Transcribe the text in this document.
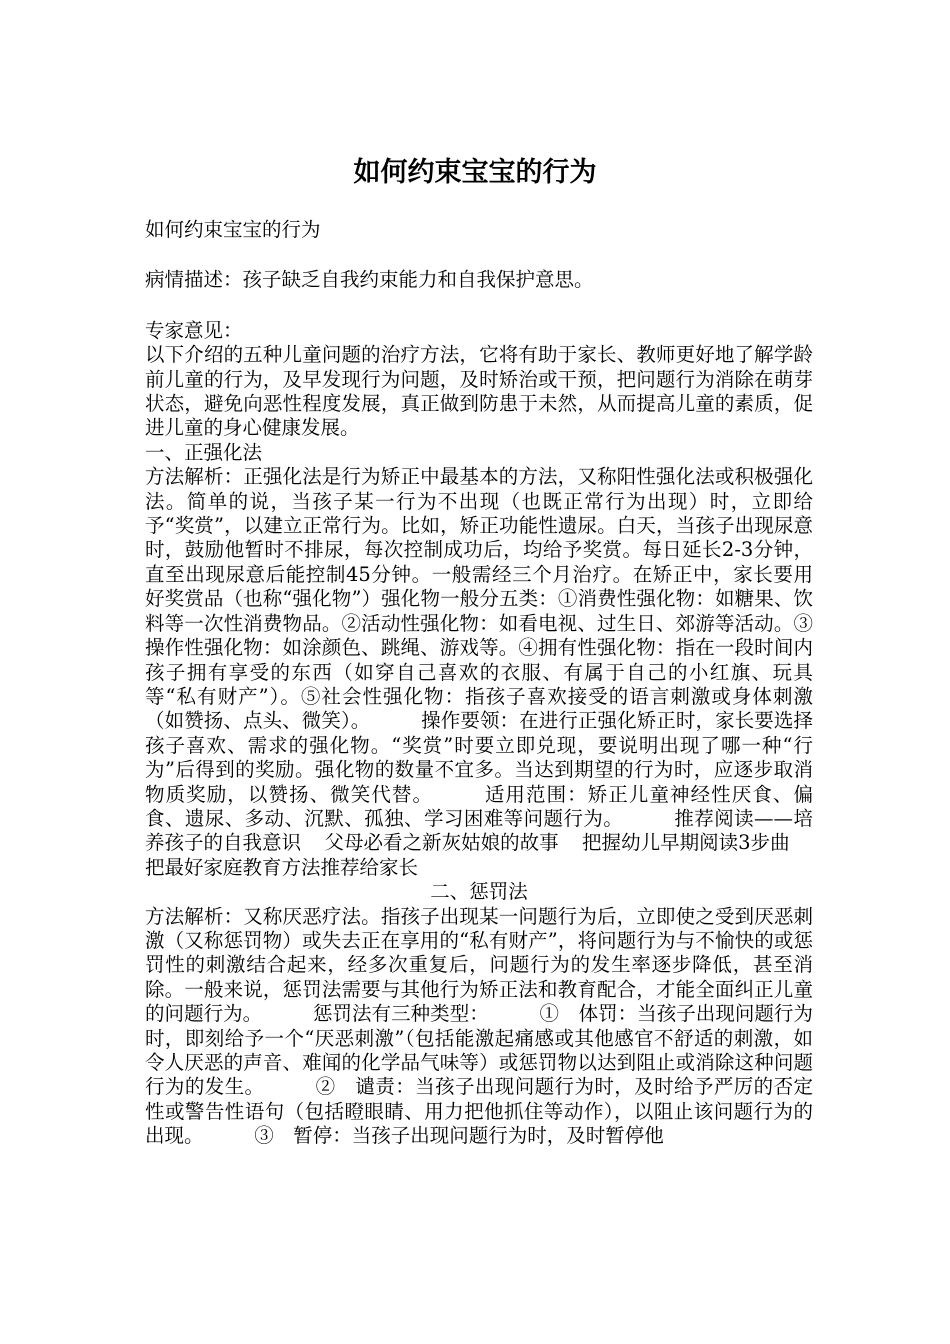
如何约束宝宝的行为

如何约束宝宝的行为

病情描述：孩子缺乏自我约束能力和自我保护意思。

专家意见：

以下介绍的五种儿童问题的治疗方法，它将有助于家长、教师更好地了解学龄前儿童的行为，及早发现行为问题，及时矫治或干预，把问题行为消除在萌芽状态，避免向恶性程度发展，真正做到防患于未然，从而提高儿童的素质，促进儿童的身心健康发展。

一、正强化法

方法解析：正强化法是行为矫正中最基本的方法，又称阳性强化法或积极强化法。简单的说，当孩子某一行为不出现（也既正常行为出现）时，立即给予“奖赏”，以建立正常行为。比如，矫正功能性遗尿。白天，当孩子出现尿意时，鼓励他暂时不排尿，每次控制成功后，均给予奖赏。每日延长2-3分钟，直至出现尿意后能控制45分钟。一般需经三个月治疗。在矫正中，家长要用好奖赏品（也称“强化物”）强化物一般分五类：①消费性强化物：如糖果、饮料等一次性消费物品。②活动性强化物：如看电视、过生日、郊游等活动。③操作性强化物：如涂颜色、跳绳、游戏等。④拥有性强化物：指在一段时间内孩子拥有享受的东西（如穿自己喜欢的衣服、有属于自己的小红旗、玩具等“私有财产”）。⑤社会性强化物：指孩子喜欢接受的语言刺激或身体刺激（如赞扬、点头、微笑）。	操作要领：在进行正强化矫正时，家长要选择孩子喜欢、需求的强化物。“奖赏”时要立即兑现，要说明出现了哪一种“行为”后得到的奖励。强化物的数量不宜多。当达到期望的行为时，应逐步取消物质奖励，以赞扬、微笑代替。	适用范围：矫正儿童神经性厌食、偏食、遗尿、多动、沉默、孤独、学习困难等问题行为。	推荐阅读——培养孩子的自我意识 父母必看之新灰姑娘的故事 把握幼儿早期阅读3步曲把最好家庭教育方法推荐给家长

二、惩罚法

方法解析：又称厌恶疗法。指孩子出现某一问题行为后，立即使之受到厌恶刺激（又称惩罚物）或失去正在享用的“私有财产”，将问题行为与不愉快的或惩罚性的刺激结合起来，经多次重复后，问题行为的发生率逐步降低，甚至消除。一般来说，惩罚法需要与其他行为矫正法和教育配合，才能全面纠正儿童的问题行为。	惩罚法有三种类型：	①　体罚：当孩子出现问题行为时，即刻给予一个“厌恶刺激”（包括能激起痛感或其他感官不舒适的刺激，如令人厌恶的声音、难闻的化学品气味等）或惩罚物以达到阻止或消除这种问题行为的发生。	②　谴责：当孩子出现问题行为时，及时给予严厉的否定性或警告性语句（包括瞪眼睛、用力把他抓住等动作），以阻止该问题行为的出现。	③　暂停：当孩子出现问题行为时，及时暂停他
